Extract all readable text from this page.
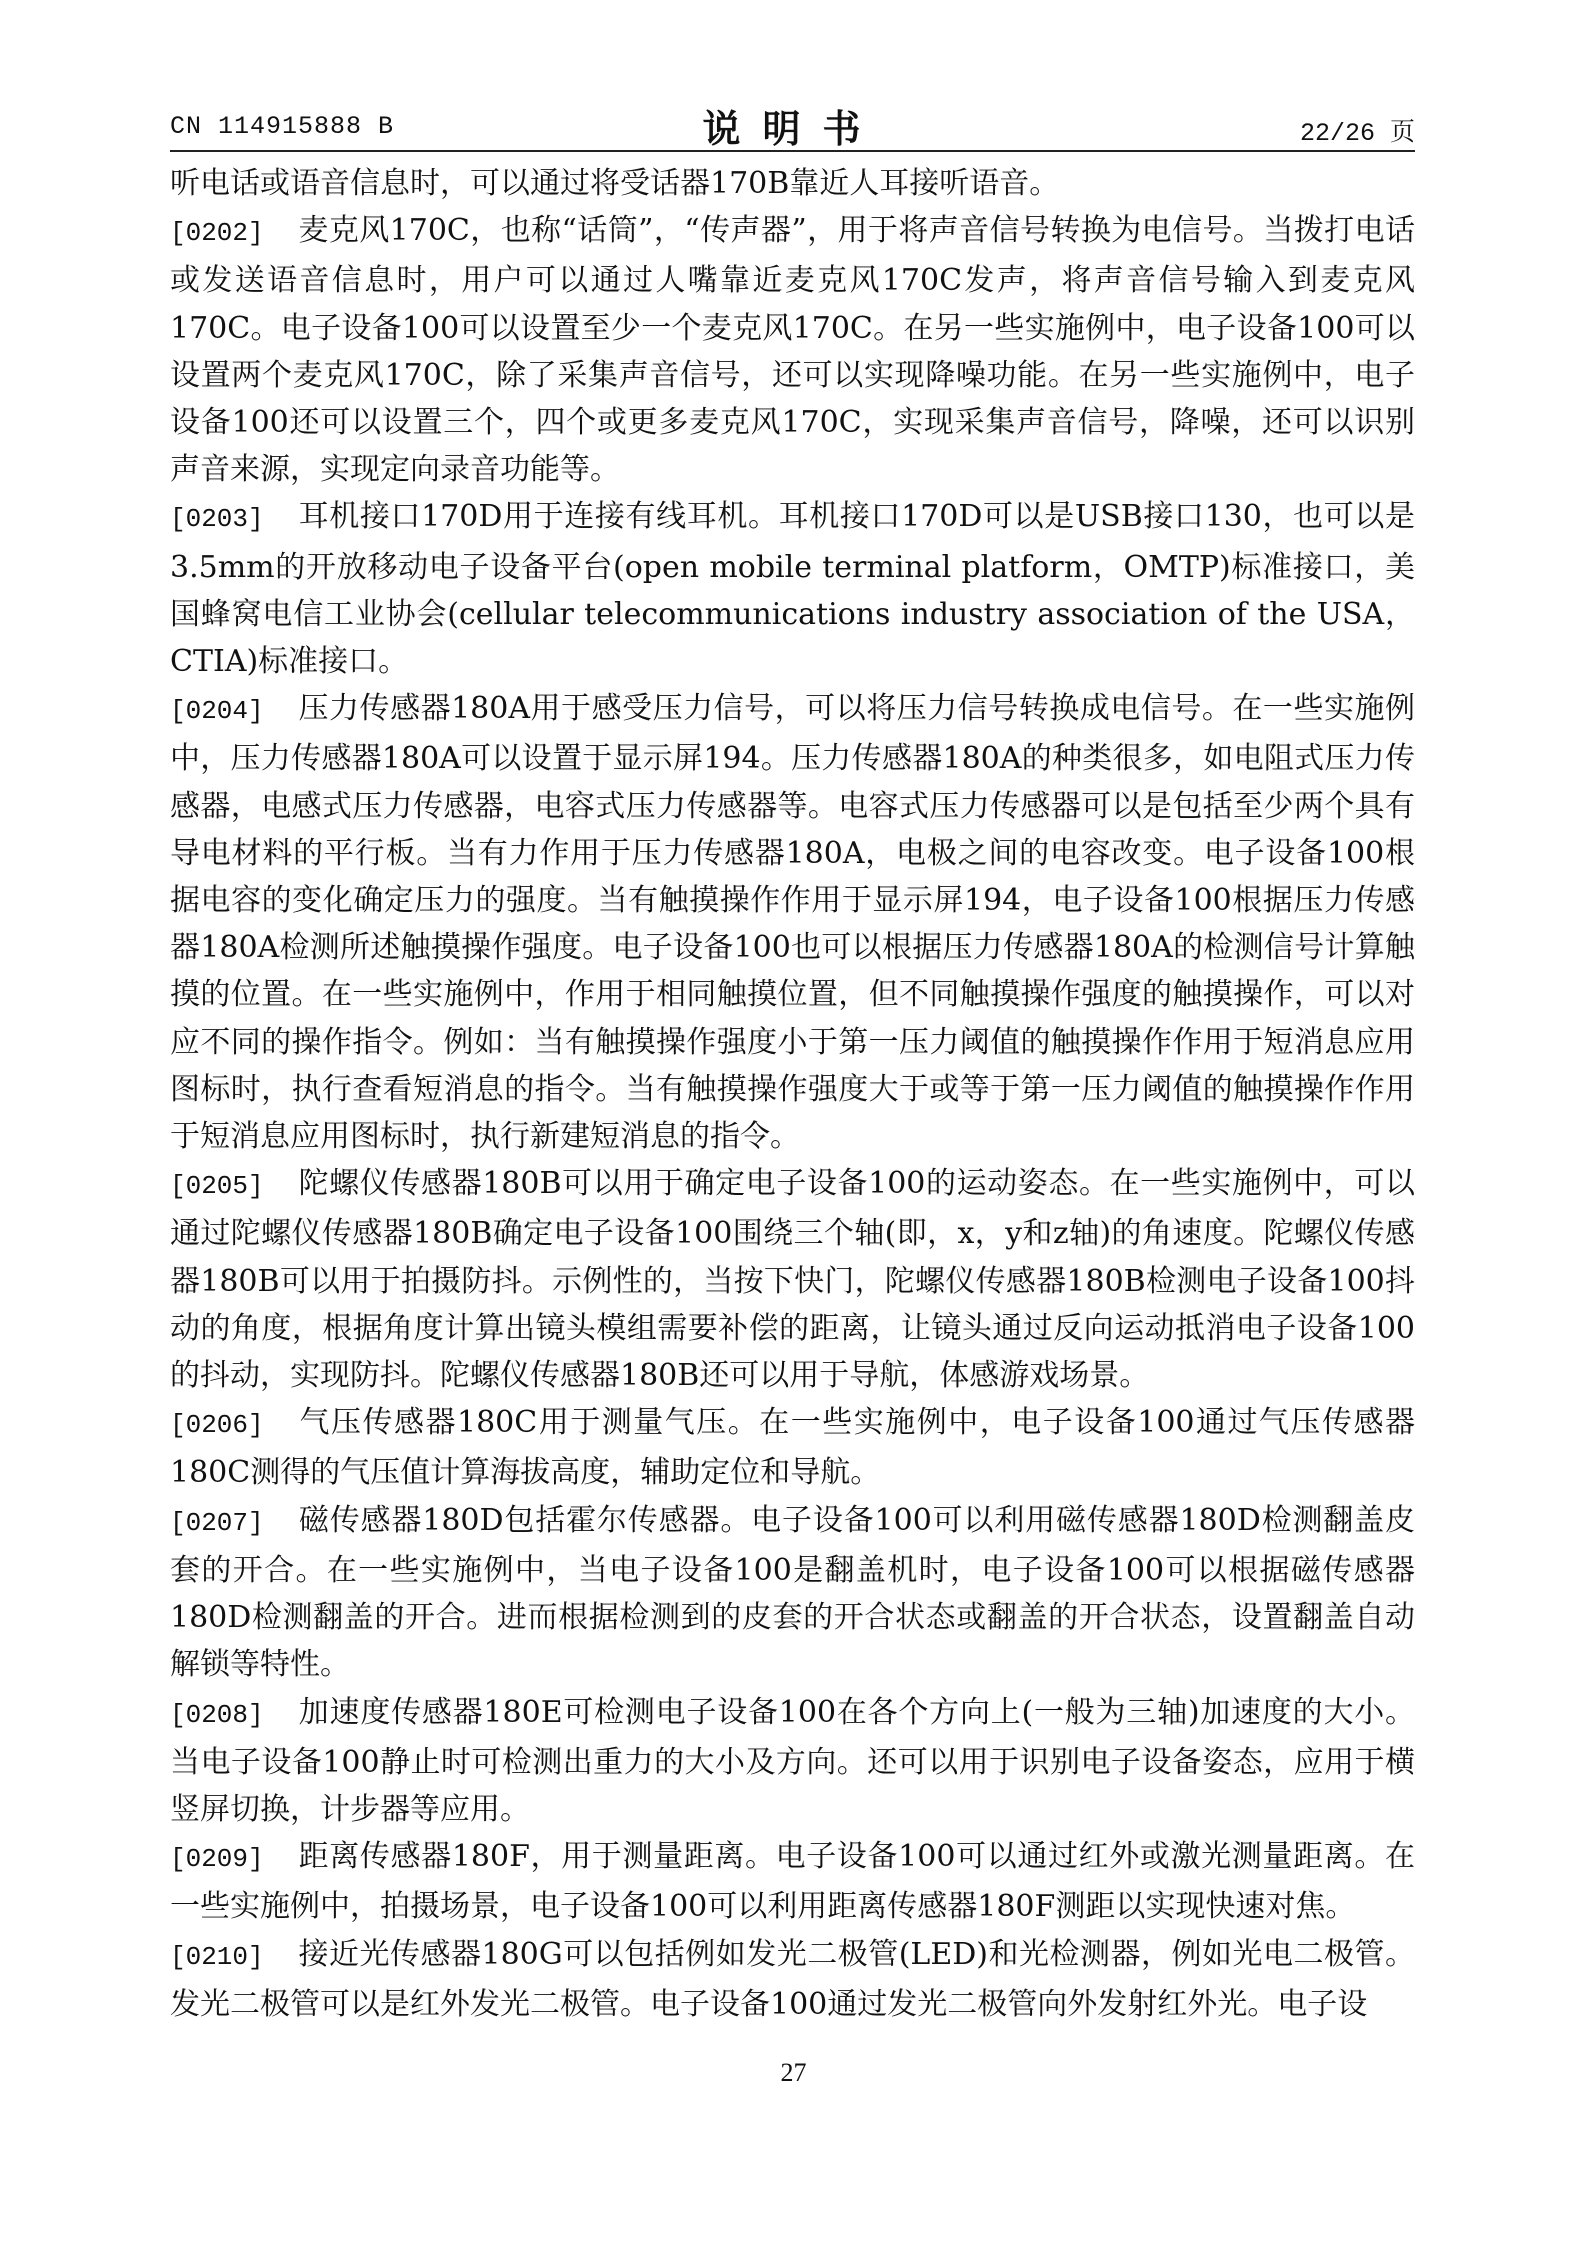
CN 114915888 B	说明书	22/26 页

听电话或语音信息时，可以通过将受话器170B靠近人耳接听语音。

[0202] 麦克风170C，也称“话筒”，“传声器”，用于将声音信号转换为电信号。当拨打电话或发送语音信息时，用户可以通过人嘴靠近麦克风170C发声，将声音信号输入到麦克风170C。电子设备100可以设置至少一个麦克风170C。在另一些实施例中，电子设备100可以设置两个麦克风170C，除了采集声音信号，还可以实现降噪功能。在另一些实施例中，电子设备100还可以设置三个，四个或更多麦克风170C，实现采集声音信号，降噪，还可以识别声音来源，实现定向录音功能等。

[0203] 耳机接口170D用于连接有线耳机。耳机接口170D可以是USB接口130，也可以是3.5mm的开放移动电子设备平台(open mobile terminal platform，OMTP)标准接口，美国蜂窝电信工业协会(cellular telecommunications industry association of the USA，CTIA)标准接口。

[0204] 压力传感器180A用于感受压力信号，可以将压力信号转换成电信号。在一些实施例中，压力传感器180A可以设置于显示屏194。压力传感器180A的种类很多，如电阻式压力传感器，电感式压力传感器，电容式压力传感器等。电容式压力传感器可以是包括至少两个具有导电材料的平行板。当有力作用于压力传感器180A，电极之间的电容改变。电子设备100根据电容的变化确定压力的强度。当有触摸操作作用于显示屏194，电子设备100根据压力传感器180A检测所述触摸操作强度。电子设备100也可以根据压力传感器180A的检测信号计算触摸的位置。在一些实施例中，作用于相同触摸位置，但不同触摸操作强度的触摸操作，可以对应不同的操作指令。例如：当有触摸操作强度小于第一压力阈值的触摸操作作用于短消息应用图标时，执行查看短消息的指令。当有触摸操作强度大于或等于第一压力阈值的触摸操作作用于短消息应用图标时，执行新建短消息的指令。

[0205] 陀螺仪传感器180B可以用于确定电子设备100的运动姿态。在一些实施例中，可以通过陀螺仪传感器180B确定电子设备100围绕三个轴(即，x，y和z轴)的角速度。陀螺仪传感器180B可以用于拍摄防抖。示例性的，当按下快门，陀螺仪传感器180B检测电子设备100抖动的角度，根据角度计算出镜头模组需要补偿的距离，让镜头通过反向运动抵消电子设备100的抖动，实现防抖。陀螺仪传感器180B还可以用于导航，体感游戏场景。

[0206] 气压传感器180C用于测量气压。在一些实施例中，电子设备100通过气压传感器180C测得的气压值计算海拔高度，辅助定位和导航。

[0207] 磁传感器180D包括霍尔传感器。电子设备100可以利用磁传感器180D检测翻盖皮套的开合。在一些实施例中，当电子设备100是翻盖机时，电子设备100可以根据磁传感器180D检测翻盖的开合。进而根据检测到的皮套的开合状态或翻盖的开合状态，设置翻盖自动解锁等特性。

[0208] 加速度传感器180E可检测电子设备100在各个方向上(一般为三轴)加速度的大小。当电子设备100静止时可检测出重力的大小及方向。还可以用于识别电子设备姿态，应用于横竖屏切换，计步器等应用。

[0209] 距离传感器180F，用于测量距离。电子设备100可以通过红外或激光测量距离。在一些实施例中，拍摄场景，电子设备100可以利用距离传感器180F测距以实现快速对焦。

[0210] 接近光传感器180G可以包括例如发光二极管(LED)和光检测器，例如光电二极管。发光二极管可以是红外发光二极管。电子设备100通过发光二极管向外发射红外光。电子设

27
